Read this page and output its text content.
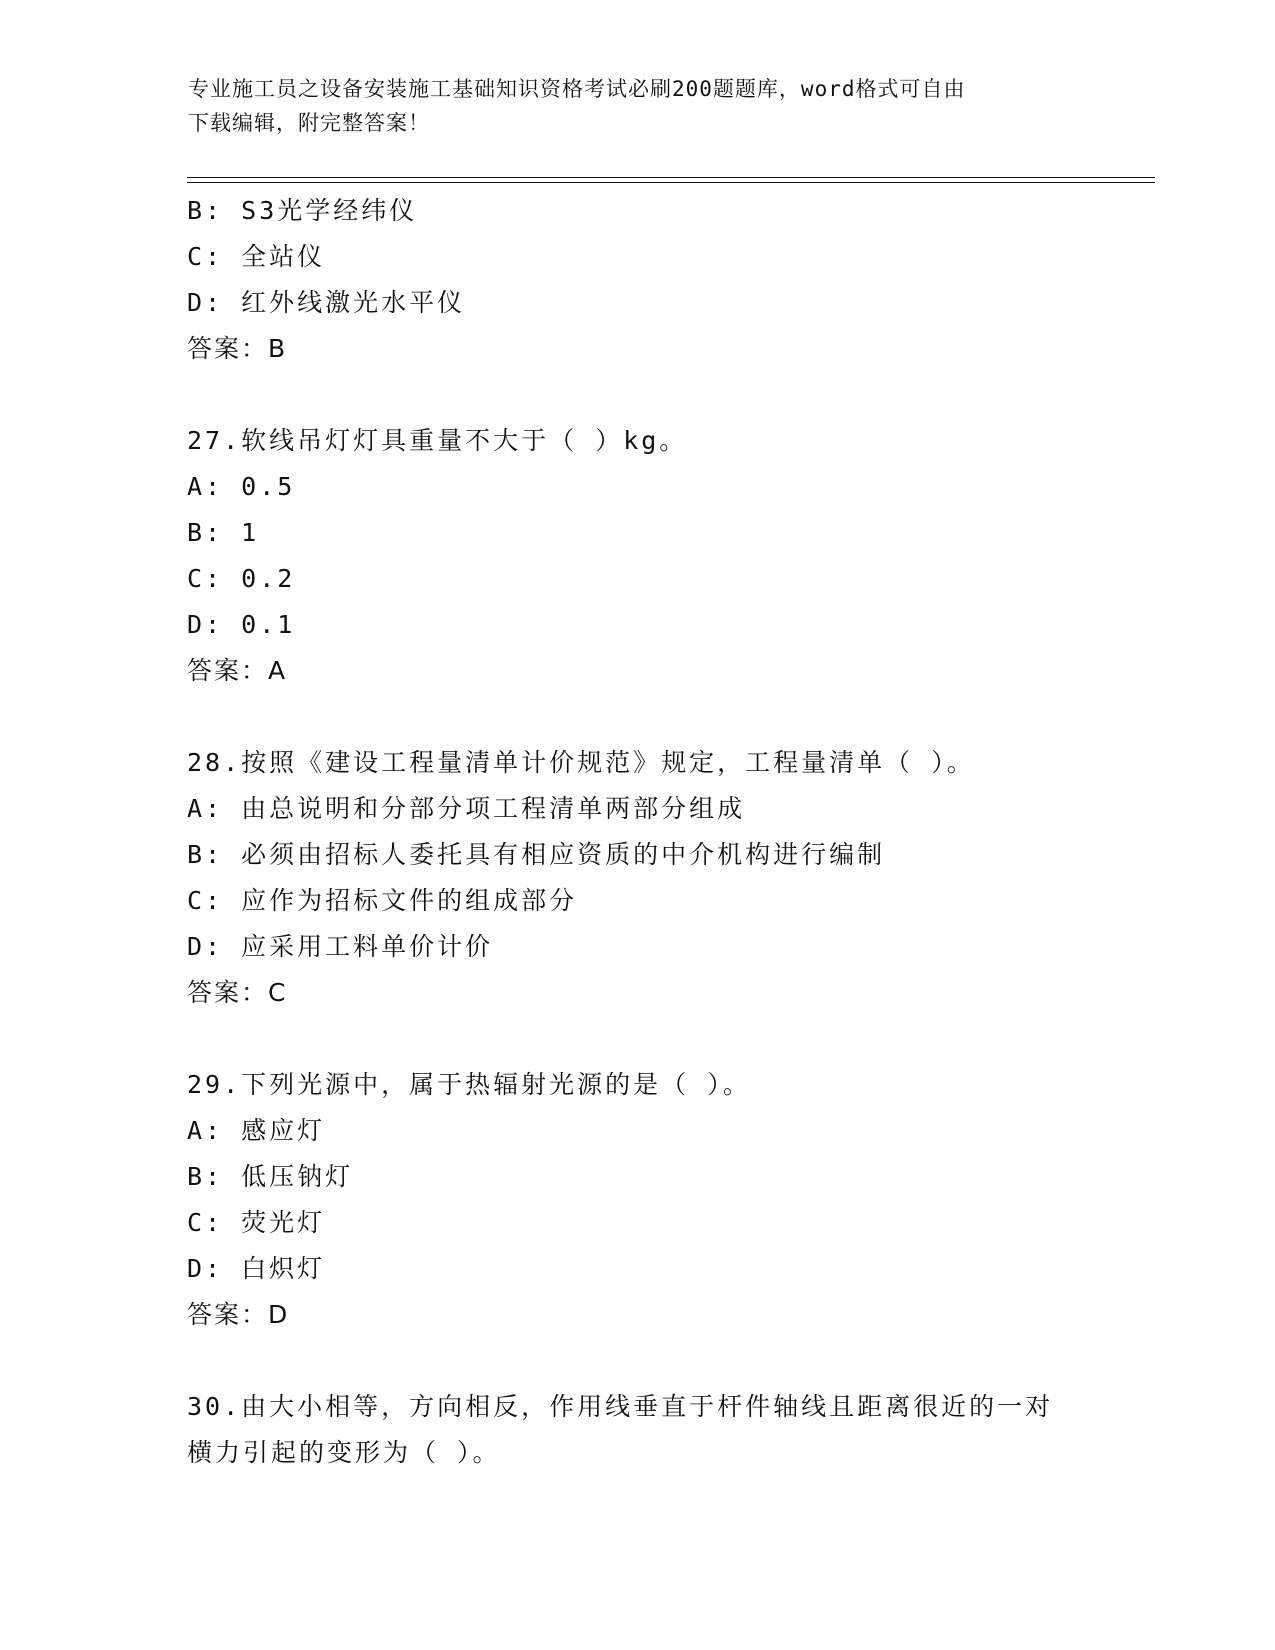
专业施工员之设备安装施工基础知识资格考试必刷200题题库，word格式可自由
下载编辑，附完整答案！
B: S3光学经纬仪
C: 全站仪
D: 红外线激光水平仪
答案：B
27.软线吊灯灯具重量不大于（ ）kg。
A: 0.5
B: 1
C: 0.2
D: 0.1
答案：A
28.按照《建设工程量清单计价规范》规定，工程量清单（ ）。
A: 由总说明和分部分项工程清单两部分组成
B: 必须由招标人委托具有相应资质的中介机构进行编制
C: 应作为招标文件的组成部分
D: 应采用工料单价计价
答案：C
29.下列光源中，属于热辐射光源的是（ ）。
A: 感应灯
B: 低压钠灯
C: 荧光灯
D: 白炽灯
答案：D
30.由大小相等，方向相反，作用线垂直于杆件轴线且距离很近的一对
横力引起的变形为（ ）。
